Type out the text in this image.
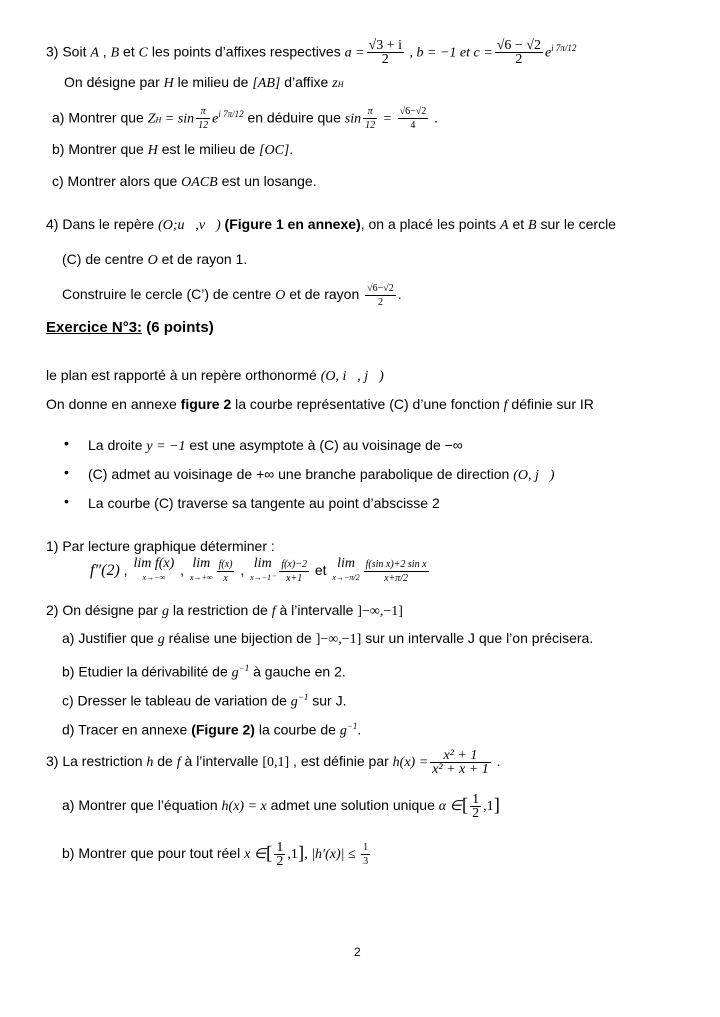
3) Soit A , B et C les points d’affixes respectives $a = \frac{√3 + i}{2}$ , b = −1 et $c = \frac{√6 - √2}{2} e^{i 7\pi/12}$
On désigne par H le milieu de [AB] d’affixe zH
a) Montrer que ZH = $\sin \frac{\pi}{12} e^{i 7\pi/12}$ en déduire que $\sin \frac{\pi}{12} = \frac{√6-√2}{4}$ .
b) Montrer que H est le milieu de [OC].
c) Montrer alors que OACB est un losange.
4) Dans le repère (O;u⃗,v⃗) (Figure 1 en annexe), on a placé les points A et B sur le cercle
(C) de centre O et de rayon 1.
Construire le cercle (C’) de centre O et de rayon $\frac{√6-√2}{2}$ .
Exercice N°3: (6 points)
le plan est rapporté à un repère orthonormé (O, i⃗, j⃗)
On donne en annexe figure 2 la courbe représentative (C) d’une fonction f définie sur IR
• La droite y = −1 est une asymptote à (C) au voisinage de −∞
• (C) admet au voisinage de +∞ une branche parabolique de direction (O, j⃗)
• La courbe (C) traverse sa tangente au point d’abscisse 2
1) Par lecture graphique déterminer :
f″(2) , lim f(x)
x→−∞ , lim
$x\to+\infty \frac{f(x)}{x}$ , lim
$x\to-1^- \frac{f(x)-2}{x+1}$ et lim
$x\to-\pi/2 \frac{\text{f(sin x)+2 sin x}}{x+\pi/2}$
2) On désigne par g la restriction de f à l’intervalle ]−∞,−1]
a) Justifier que g réalise une bijection de ]−∞,−1] sur un intervalle J que l’on précisera.
b) Etudier la dérivabilité de $g^{-1}$ à gauche en 2.
c) Dresser le tableau de variation de $g^{-1}$ sur J.
d) Tracer en annexe (Figure 2) la courbe de $g^{-1}$.
3) La restriction h de f à l’intervalle [0,1] , est définie par $h(x) = \frac{\text{x² + 1}}{\text{x² + x + 1}}$ .
a) Montrer que l’équation h(x) = x admet une solution unique α ∈[ $\frac{1}{2} ,1$]
b) Montrer que pour tout réel x ∈[ $\frac{1}{2} ,1$], $|h'(x)| \le \frac{1}{3}$
2
